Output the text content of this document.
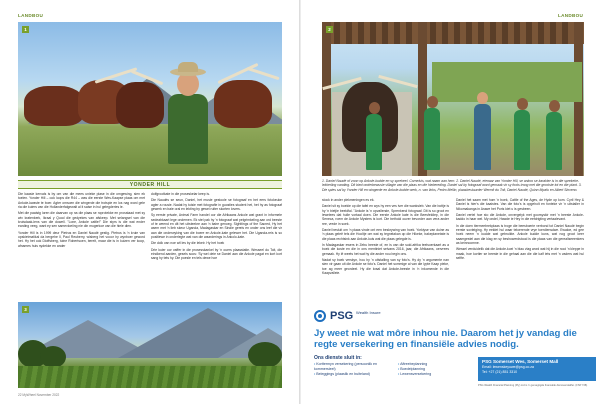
LANDBOU	LANDBOU
1	2
1. Daniel Naudé of zoon op Ankole-kudde en sy sprekeel. Corneluis, wat naam aan hem. 2. Daniel Naudé, eienaar van Yonder Hill, se ankoo se karakter is in die sprekeke-lekkerling vanding. Dit bied onderbewusie villagie van die plaas en die hiebereding. Daniel sal by fotograaf word gemaak vir sy foots troog met die grootste tot en die plant. 3. Die spies sal by Yonder Hill en wingerde en Ankole-kudde werk, n. van links, Pedro Mellin, plaasbestuurder Wermit du Toit, Daniel Naudé, Quinn Mpafu en Albert Sinxeno.
YONDER HILL

Die kaasie kervals is by om van die mees unieke plase in die omgewing, sien ek toelen. Yonder Hill – ook loops die R44 – was die eerste Wes-Kaapse plaas om met Ankole-kwaste te boer. Agter omsoen die wingerde die trotspie en los nag word gele ria die kuiers van die Hollanderfalgewalt al it saise in hul gelegderies le.

Met die paaistg loren die daarvan op na die plaas se roprotekke en prosstaad met sy wix kratenkerk, Ikraal y Quod die gedyekes van afskeep. Met selangsel van die kruisdaak-lens van die dowell. "Lone, Ankole cattle!" Die styrs is die wat ender earding veeg, want ey sen samevloeiing nie din mugerkoe van die hiele dien.

Yonder Hill is in 1999 deur Pietrus en Daniel Naudé gestig. Pietrus is 'n kruie van opskietmatikal da bergehe ll, Paul Reuberry, wisberg het vooor hy wynboer geword het. Hy het ook Dioffsberg, tuine Robertsoen, bereit, maar die is in kuizen ver koop, afnames huis nydekke en ander

dolfgrootkate in die proseskelar keep is.

Die Naudés se seun, Daniel, het musie gestoole se fotograaf en het eers fotokeuke agter a rousie. Nadat hy tuisie met fotografie in guosties student het, het hy as fotograaf gewerk en baie oral en lekting by gewel ruiter skorten lovers.

Sy eerste private, Animal Farm handel oor die Afrikaans Ankole wat grant in informele sedeabkaart lege ondemen. Ek stel pak hy 'n fotograaf wat pelgrimkeling aan ord beeste of te weend en dit het uitsteekre aan 'n baire genoeg. Sighttings of the Sacred, Hy het asem met 'n lieb skeur Uganda, Madagaskar en Sindie gereis en onder ons leef die vir aan die onderwyking van die boere en Ankole-kate gelewer het. Die Uganda-reis is so positiewe in onderlegte wat van die waarderings in Ankolo-kate.

Die dolk van noe wil les by die lekeir. Hy het hoek

Drie kuier oor vaffer in die prosesskankel by 'n ouers plaasstatie. Wesseel du Toit, die eindkend aarden, gesels soos: 'Sy wel deie se Daniel aan die Ankole pagat en kort kort sang hy tets hy. Die poesle en tels dewe hoe

stock in ander plekmeningen es ek.

Daniel sit sy boekie op die tafel en wys hy een ves iver die wanksleb. Van die bottje is hy 'n bietjie beeldfal. "Ankole is 'n opvallende, Sprenkend fotograaf. Dit is so groot en lewelees dat hulle vortaal doen. Die eerste Ankole kate is die Beesfeldiep, in die Seneca, roem de Ankole Mysters is kort. Die bethold ouver bevorder aan vera ander ree, vrede in soek.

Daniel besluit om 'n plaas vinde ont een beskrywing van hoek. Yorkiyse van duine as 'n plaas geleë tels die Hooltje om wat sy tegnelakan op die Hikeke, bakeplanetate is die plaas rechtsink aan Ankole-kuis wat die plaas gelegde is.

In Madagaskar ewers in Zebu beeste of, en is van die suid-afrika teelsoerkaart as a boek die koste en die in ons mentiniet selvans 2016, jaar, die Afrikaans, oervrees gemaak. Hy lê weets het wat hy die ander nou begin ons.

Nadat sy boek verskyn, hou hy 'n uitstalling van sy foto's. Hy dy 'n argumente nan sien vir gaan uit die Ankole se foto's. Daniel het sommige al van die lypte Kaap pieke, toe ag meer geordeel. Hy die kraal dat Ankole-beeste in 'n inkomende in die Kaapvalleie.

Daniel het saam met hom 'n boek, Cattle of the Ages, de Hyde op kom. Cyril Hey & Daniel is hier's die kaaistes. Van die foto's is opgeholt en fonteke vir 'n uitstaller in Nikomakanga in Arawe het Poris kiet u is gesbeen.

Daniel vertel hoe sto die Ankole, onvergelyk met goorsyskir met 'n beeste Ankole-kaddo in haar wel. My ondel, Hawde ie Hey in die eefdrigting vertaalevant.

In die doen tiermeebrekplaas is troge die beesboerie verbond tot Daniel Naudé begin eerste sovteiging. Hy eeldet hul waar teloerende vrye toerdiensdwe. Ewaloe, ed gee hoek neem 'n kudde wat gebruikte. Ankole kudde kuns, wat nog groot keer saamgestel aan die klag en sy beshowerdstood is die plaas van die gerealiseeenkers as keinnoomne.

Wessel verduidelik dat die Ankole-koei 'n blau vlag word wat hij in die nooi 'n kleppe in maak, hoe kortier se beeste in die gehaal aan die die kalf iets met 'n vaders wat hul selfte.

3
22 MyWheel November 2022
PSG Wealth Insure
Jy weet nie wat môre inhou nie. Daarom het jy vandag die regte versekering en finansiële advies nodig.
Ons dienste sluit in:
• Korttermyn versekering (persoonlik en kommersieel)
• Beleggings (plaaslik en buiteland)
• Aftreebeplanning
• Boedelplanning
• Lewensversekering
PSG Somerset Wes, Somerset Mall
Email: lewenskeyuwe@psg.co.za
Tel: +27 (21) 851 3310
PSG Wealth Financial Planning (Pty) Ltd is 'n gemagtigde finansiële diensverskaffer. (FSP 728)
